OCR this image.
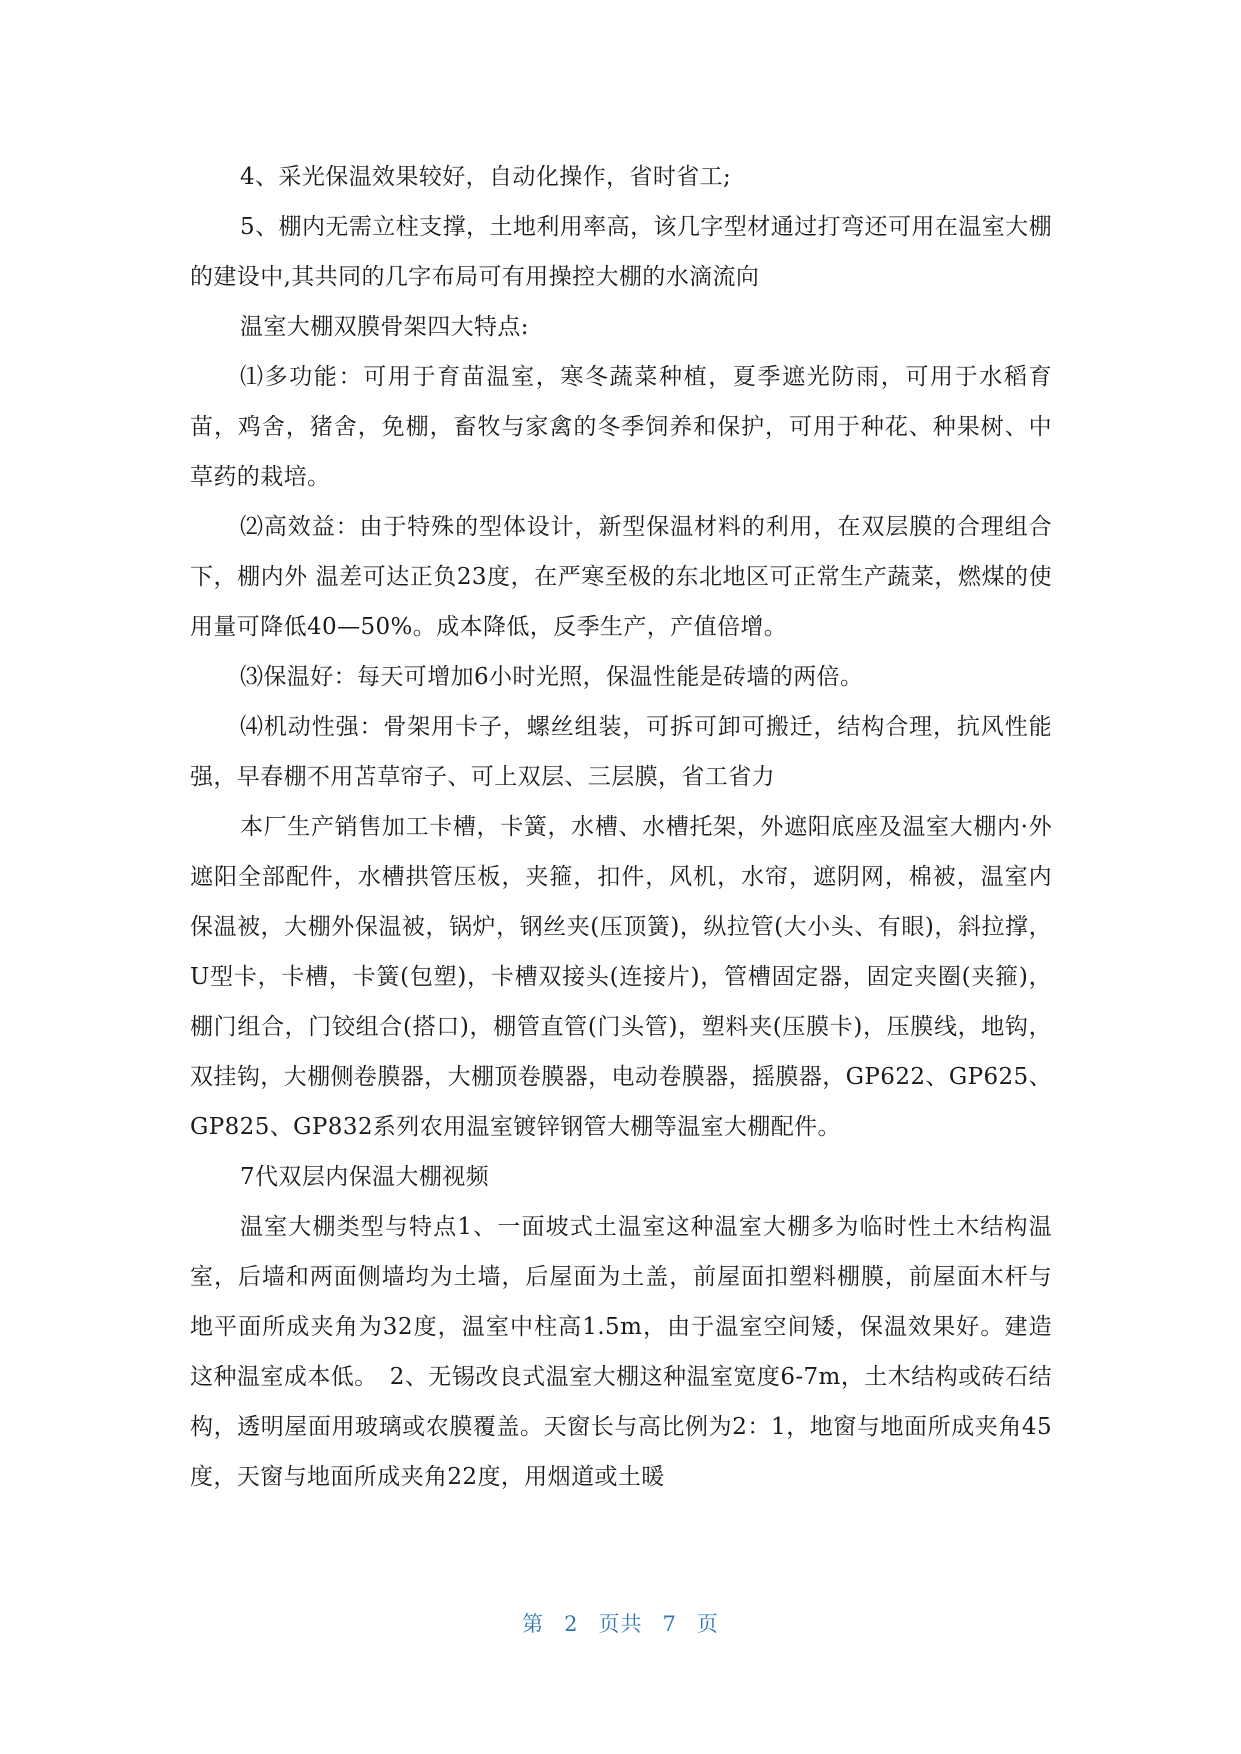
4、采光保温效果较好，自动化操作，省时省工;

5、棚内无需立柱支撑，土地利用率高，该几字型材通过打弯还可用在温室大棚的建设中,其共同的几字布局可有用操控大棚的水滴流向

温室大棚双膜骨架四大特点:

⑴多功能：可用于育苗温室，寒冬蔬菜种植，夏季遮光防雨，可用于水稻育苗，鸡舍，猪舍，免棚，畜牧与家禽的冬季饲养和保护，可用于种花、种果树、中草药的栽培。

⑵高效益：由于特殊的型体设计，新型保温材料的利用，在双层膜的合理组合下，棚内外 温差可达正负23度，在严寒至极的东北地区可正常生产蔬菜，燃煤的使用量可降低40—50%。成本降低，反季生产，产值倍增。

⑶保温好：每天可增加6小时光照，保温性能是砖墙的两倍。

⑷机动性强：骨架用卡子，螺丝组装，可拆可卸可搬迁，结构合理，抗风性能强，早春棚不用苫草帘子、可上双层、三层膜，省工省力

本厂生产销售加工卡槽，卡簧，水槽、水槽托架，外遮阳底座及温室大棚内·外遮阳全部配件，水槽拱管压板，夹箍，扣件，风机，水帘，遮阴网，棉被，温室内保温被，大棚外保温被，锅炉，钢丝夹(压顶簧)，纵拉管(大小头、有眼)，斜拉撑，U型卡，卡槽，卡簧(包塑)，卡槽双接头(连接片)，管槽固定器，固定夹圈(夹箍)，棚门组合，门铰组合(搭口)，棚管直管(门头管)，塑料夹(压膜卡)，压膜线，地钩，双挂钩，大棚侧卷膜器，大棚顶卷膜器，电动卷膜器，摇膜器，GP622、GP625、GP825、GP832系列农用温室镀锌钢管大棚等温室大棚配件。

7代双层内保温大棚视频

温室大棚类型与特点1、一面坡式土温室这种温室大棚多为临时性土木结构温室，后墙和两面侧墙均为土墙，后屋面为土盖，前屋面扣塑料棚膜，前屋面木杆与地平面所成夹角为32度，温室中柱高1.5m，由于温室空间矮，保温效果好。建造这种温室成本低。　2、无锡改良式温室大棚这种温室宽度6-7m，土木结构或砖石结构，透明屋面用玻璃或农膜覆盖。天窗长与高比例为2：1，地窗与地面所成夹角45度，天窗与地面所成夹角22度，用烟道或土暖

第 2 页共 7 页
